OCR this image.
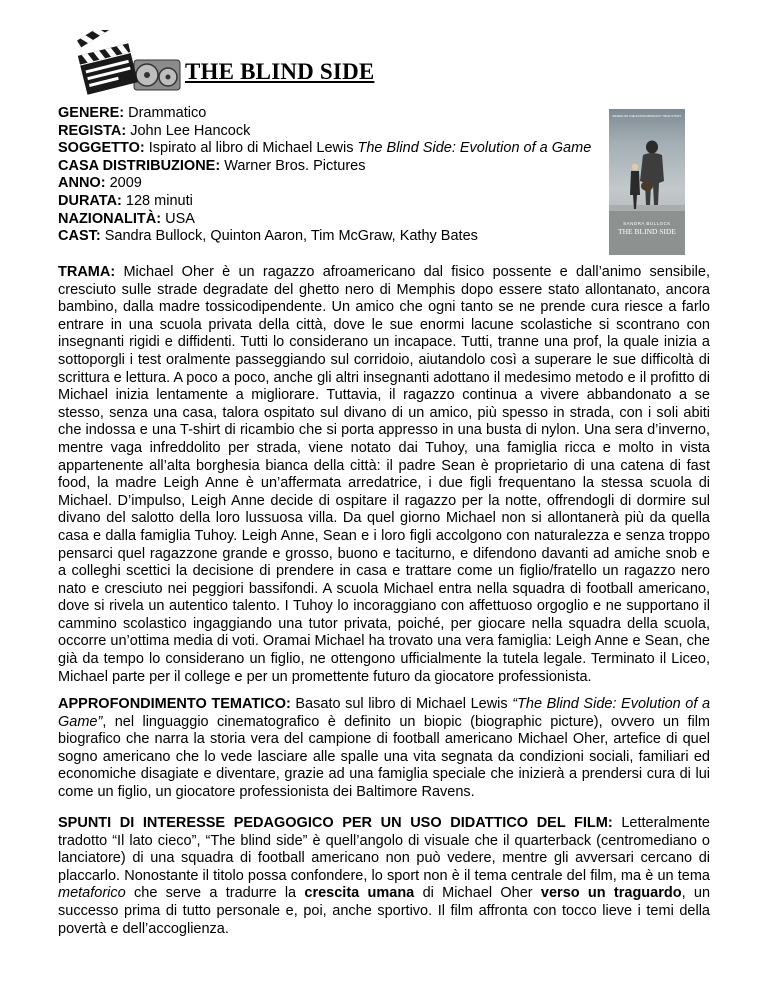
THE BLIND SIDE

GENERE: Drammatico

REGISTA: John Lee Hancock

SOGGETTO: Ispirato al libro di Michael Lewis The Blind Side: Evolution of a Game

CASA DISTRIBUZIONE: Warner Bros. Pictures

ANNO: 2009

DURATA: 128 minuti

NAZIONALITÀ: USA

CAST: Sandra Bullock, Quinton Aaron, Tim McGraw, Kathy Bates

BASED ON THE EXTRAORDINARY TRUE STORY
SANDRA BULLOCK
THE BLIND SIDE

TRAMA: Michael Oher è un ragazzo afroamericano dal fisico possente e dall’animo sensibile, cresciuto sulle strade degradate del ghetto nero di Memphis dopo essere stato allontanato, ancora bambino, dalla madre tossicodipendente. Un amico che ogni tanto se ne prende cura riesce a farlo entrare in una scuola privata della città, dove le sue enormi lacune scolastiche si scontrano con insegnanti rigidi e diffidenti. Tutti lo considerano un incapace. Tutti, tranne una prof, la quale inizia a sottoporgli i test oralmente passeggiando sul corridoio, aiutandolo così a superare le sue difficoltà di scrittura e lettura. A poco a poco, anche gli altri insegnanti adottano il medesimo metodo e il profitto di Michael inizia lentamente a migliorare. Tuttavia, il ragazzo continua a vivere abbandonato a se stesso, senza una casa, talora ospitato sul divano di un amico, più spesso in strada, con i soli abiti che indossa e una T-shirt di ricambio che si porta appresso in una busta di nylon. Una sera d’inverno, mentre vaga infreddolito per strada, viene notato dai Tuhoy, una famiglia ricca e molto in vista appartenente all’alta borghesia bianca della città: il padre Sean è proprietario di una catena di fast food, la madre Leigh Anne è un’affermata arredatrice, i due figli frequentano la stessa scuola di Michael. D’impulso, Leigh Anne decide di ospitare il ragazzo per la notte, offrendogli di dormire sul divano del salotto della loro lussuosa villa. Da quel giorno Michael non si allontanerà più da quella casa e dalla famiglia Tuhoy. Leigh Anne, Sean e i loro figli accolgono con naturalezza e senza troppo pensarci quel ragazzone grande e grosso, buono e taciturno, e difendono davanti ad amiche snob e a colleghi scettici la decisione di prendere in casa e trattare come un figlio/fratello un ragazzo nero nato e cresciuto nei peggiori bassifondi. A scuola Michael entra nella squadra di football americano, dove si rivela un autentico talento. I Tuhoy lo incoraggiano con affettuoso orgoglio e ne supportano il cammino scolastico ingaggiando una tutor privata, poiché, per giocare nella squadra della scuola, occorre un’ottima media di voti. Oramai Michael ha trovato una vera famiglia: Leigh Anne e Sean, che già da tempo lo considerano un figlio, ne ottengono ufficialmente la tutela legale. Terminato il Liceo, Michael parte per il college e per un promettente futuro da giocatore professionista.

APPROFONDIMENTO TEMATICO: Basato sul libro di Michael Lewis “The Blind Side: Evolution of a Game”, nel linguaggio cinematografico è definito un biopic (biographic picture), ovvero un film biografico che narra la storia vera del campione di football americano Michael Oher, artefice di quel sogno americano che lo vede lasciare alle spalle una vita segnata da condizioni sociali, familiari ed economiche disagiate e diventare, grazie ad una famiglia speciale che inizierà a prendersi cura di lui come un figlio, un giocatore professionista dei Baltimore Ravens.

SPUNTI DI INTERESSE PEDAGOGICO PER UN USO DIDATTICO DEL FILM: Letteralmente tradotto “Il lato cieco”, “The blind side” è quell’angolo di visuale che il quarterback (centromediano o lanciatore) di una squadra di football americano non può vedere, mentre gli avversari cercano di placcarlo. Nonostante il titolo possa confondere, lo sport non è il tema centrale del film, ma è un tema metaforico che serve a tradurre la crescita umana di Michael Oher verso un traguardo, un successo prima di tutto personale e, poi, anche sportivo. Il film affronta con tocco lieve i temi della povertà e dell’accoglienza.
